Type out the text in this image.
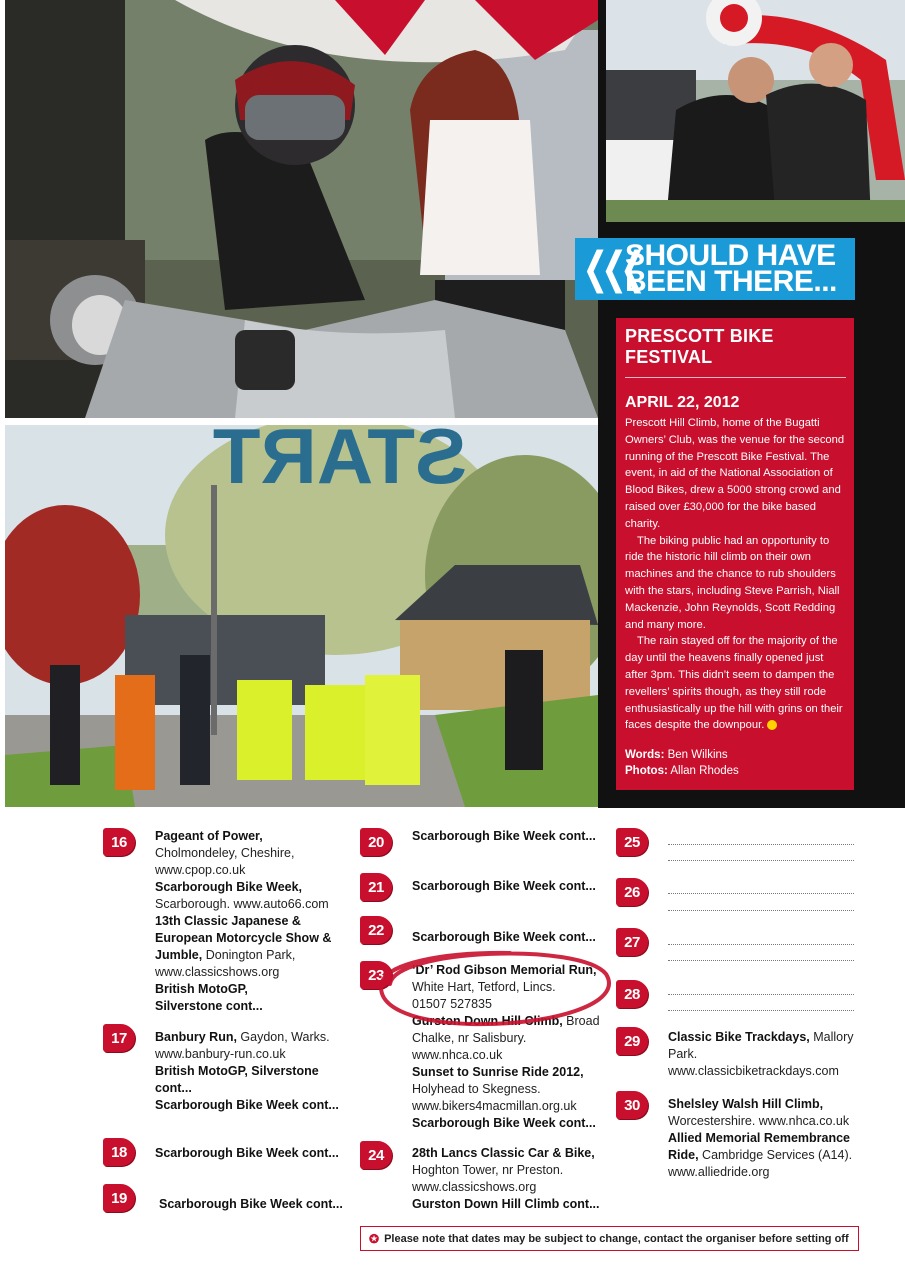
START
❮❮❮
SHOULD HAVE
BEEN THERE...
PRESCOTT BIKE FESTIVAL
APRIL 22, 2012

Prescott Hill Climb, home of the Bugatti Owners’ Club, was the venue for the second running of the Prescott Bike Festival. The event, in aid of the National Association of Blood Bikes, drew a 5000 strong crowd and raised over £30,000 for the bike based charity.

The biking public had an opportunity to ride the historic hill climb on their own machines and the chance to rub shoulders with the stars, including Steve Parrish, Niall Mackenzie, John Reynolds, Scott Redding and many more.

The rain stayed off for the majority of the day until the heavens finally opened just after 3pm. This didn’t seem to dampen the revellers’ spirits though, as they still rode enthusiastically up the hill with grins on their faces despite the downpour.

Words: Ben Wilkins
Photos: Allan Rhodes
16	Pageant of Power,
Cholmondeley, Cheshire,
www.cpop.co.uk
Scarborough Bike Week,
Scarborough. www.auto66.com
13th Classic Japanese &
European Motorcycle Show &
Jumble, Donington Park,
www.classicshows.org
British MotoGP,
Silverstone cont...
17	Banbury Run, Gaydon, Warks.
www.banbury-run.co.uk
British MotoGP, Silverstone
cont...
Scarborough Bike Week cont...
18	Scarborough Bike Week cont...
19	Scarborough Bike Week cont...
20	Scarborough Bike Week cont...
21	Scarborough Bike Week cont...
22	Scarborough Bike Week cont...
23	‘Dr’ Rod Gibson Memorial Run,
White Hart, Tetford, Lincs.
01507 527835
Gurston Down Hill Climb, Broad
Chalke, nr Salisbury.
www.nhca.co.uk
Sunset to Sunrise Ride 2012,
Holyhead to Skegness.
www.bikers4macmillan.org.uk
Scarborough Bike Week cont...
24	28th Lancs Classic Car & Bike,
Hoghton Tower, nr Preston.
www.classicshows.org
Gurston Down Hill Climb cont...
25
26
27
28
29	Classic Bike Trackdays, Mallory
Park.
www.classicbiketrackdays.com
30	Shelsley Walsh Hill Climb,
Worcestershire. www.nhca.co.uk
Allied Memorial Remembrance
Ride, Cambridge Services (A14).
www.alliedride.org
✪ Please note that dates may be subject to change, contact the organiser before setting off
